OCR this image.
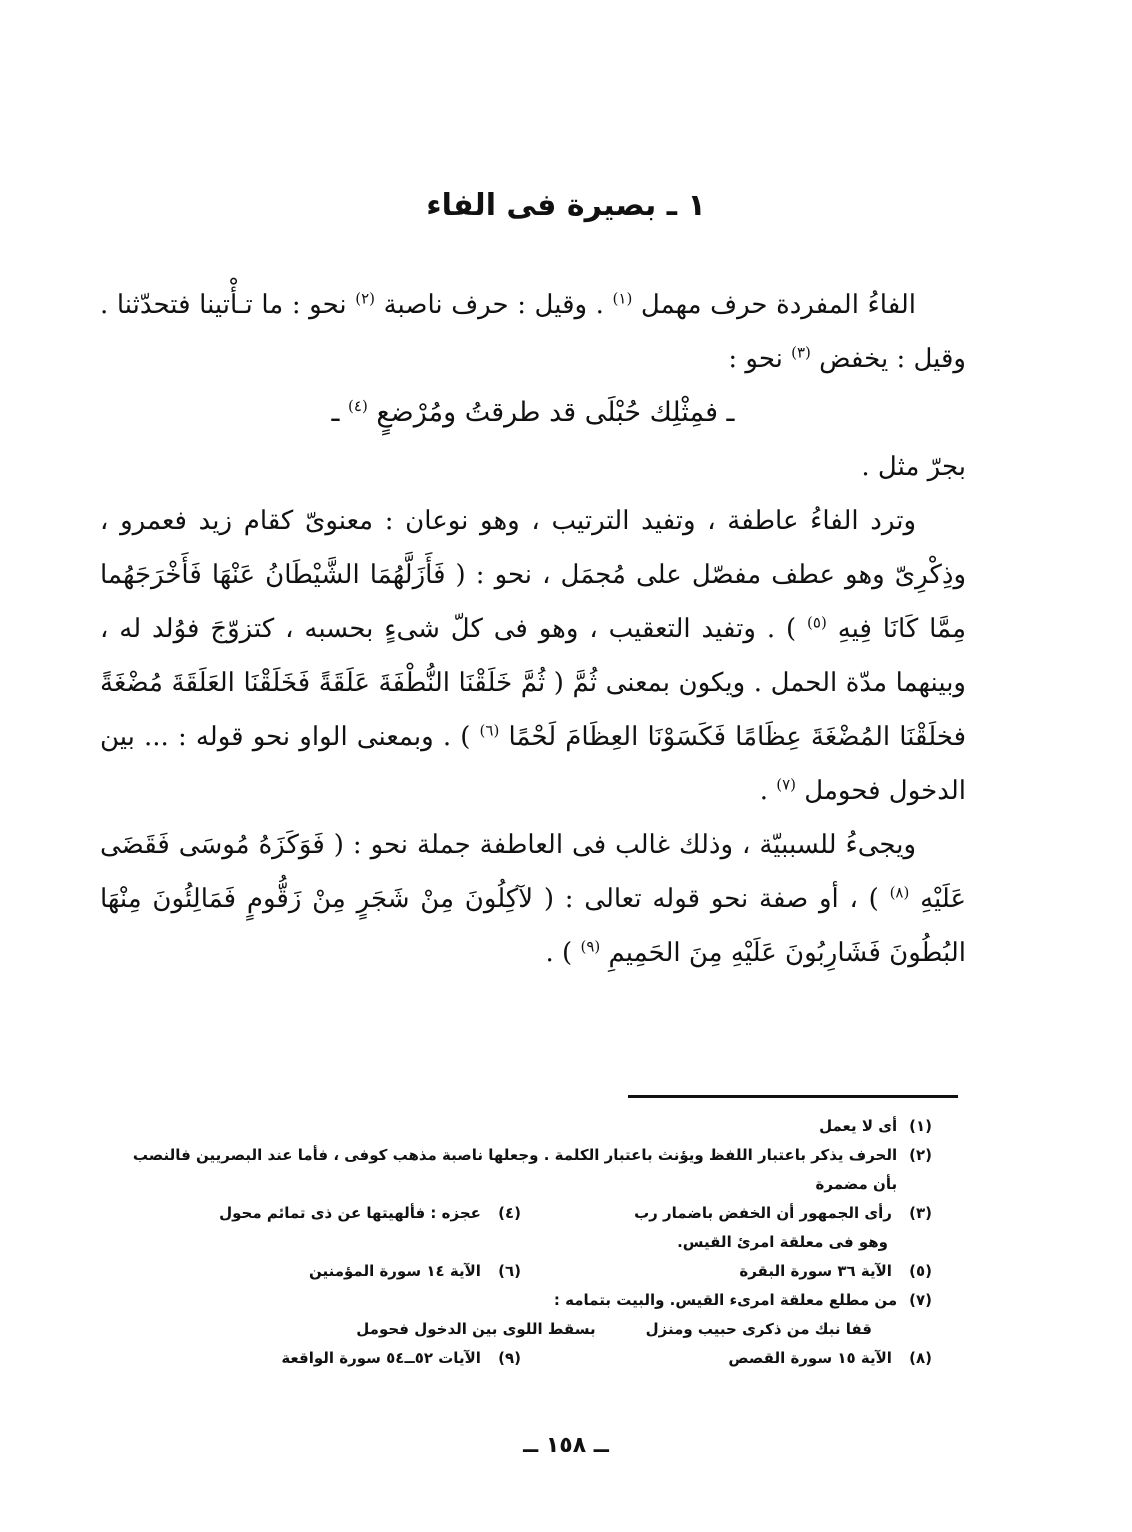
١ ـ بصيرة فى الفاء

الفاءُ المفردة حرف مهمل $^{(١)}$ . وقيل : حرف ناصبة $^{(٢)}$ نحو : ما تـأْتينا فتحدّثنا . وقيل : يخفض $^{(٣)}$ نحو :

ـ فمِثْلِك حُبْلَى قد طرقتُ ومُرْضعٍ $^{(٤)}$ ـ

بجرّ مثل .

وترد الفاءُ عاطفة ، وتفيد الترتيب ، وهو نوعان : معنوىّ كقام زيد فعمرو ، وذِكْرِىّ وهو عطف مفصّل على مُجمَل ، نحو : ( فَأَزَلَّهُمَا الشَّيْطَانُ عَنْهَا فَأَخْرَجَهُما مِمَّا كَانَا فِيهِ $^{(٥)}$ ) . وتفيد التعقيب ، وهو فى كلّ شىءٍ بحسبه ، كتزوّجَ فوُلد له ، وبينهما مدّة الحمل . ويكون بمعنى ثُمَّ ( ثُمَّ خَلَقْنَا النُّطْفَةَ عَلَقَةً فَخَلَقْنَا العَلَقَةَ مُضْغَةً فخلَقْنَا المُضْغَةَ عِظَامًا فَكَسَوْنَا العِظَامَ لَحْمًا $^{(٦)}$ ) . وبمعنى الواو نحو قوله : ... بين الدخول فحومل $^{(٧)}$ .

ويجىءُ للسببيّة ، وذلك غالب فى العاطفة جملة نحو : ( فَوَكَزَهُ مُوسَى فَقَضَى عَلَيْهِ $^{(٨)}$ ) ، أو صفة نحو قوله تعالى : ( لآكِلُونَ مِنْ شَجَرٍ مِنْ زَقُّومٍ فَمَالِئُونَ مِنْهَا البُطُونَ فَشَارِبُونَ عَلَيْهِ مِنَ الحَمِيمِ $^{(٩)}$ ) .

(١)
أى لا يعمل
(٢)
الحرف يذكر باعتبار اللفظ ويؤنث باعتبار الكلمة . وجعلها ناصبة مذهب كوفى ، فأما عند البصريين فالنصب بأن مضمرة
(٣) رأى الجمهور أن الخفض باضمار رب
(٤) عجزه : فألهيتها عن ذى تمائم محول
وهو فى معلقة امرئ القيس.
(٥) الآية ٣٦ سورة البقرة
(٦) الآية ١٤ سورة المؤمنين
(٧)
من مطلع معلقة امرىء القيس. والبيت بتمامه :
قفا نبك من ذكرى حبيب ومنزل
بسقط اللوى بين الدخول فحومل
(٨) الآية ١٥ سورة القصص
(٩) الآيات ٥٢ــ٥٤ سورة الواقعة
ــ ١٥٨ ــ
